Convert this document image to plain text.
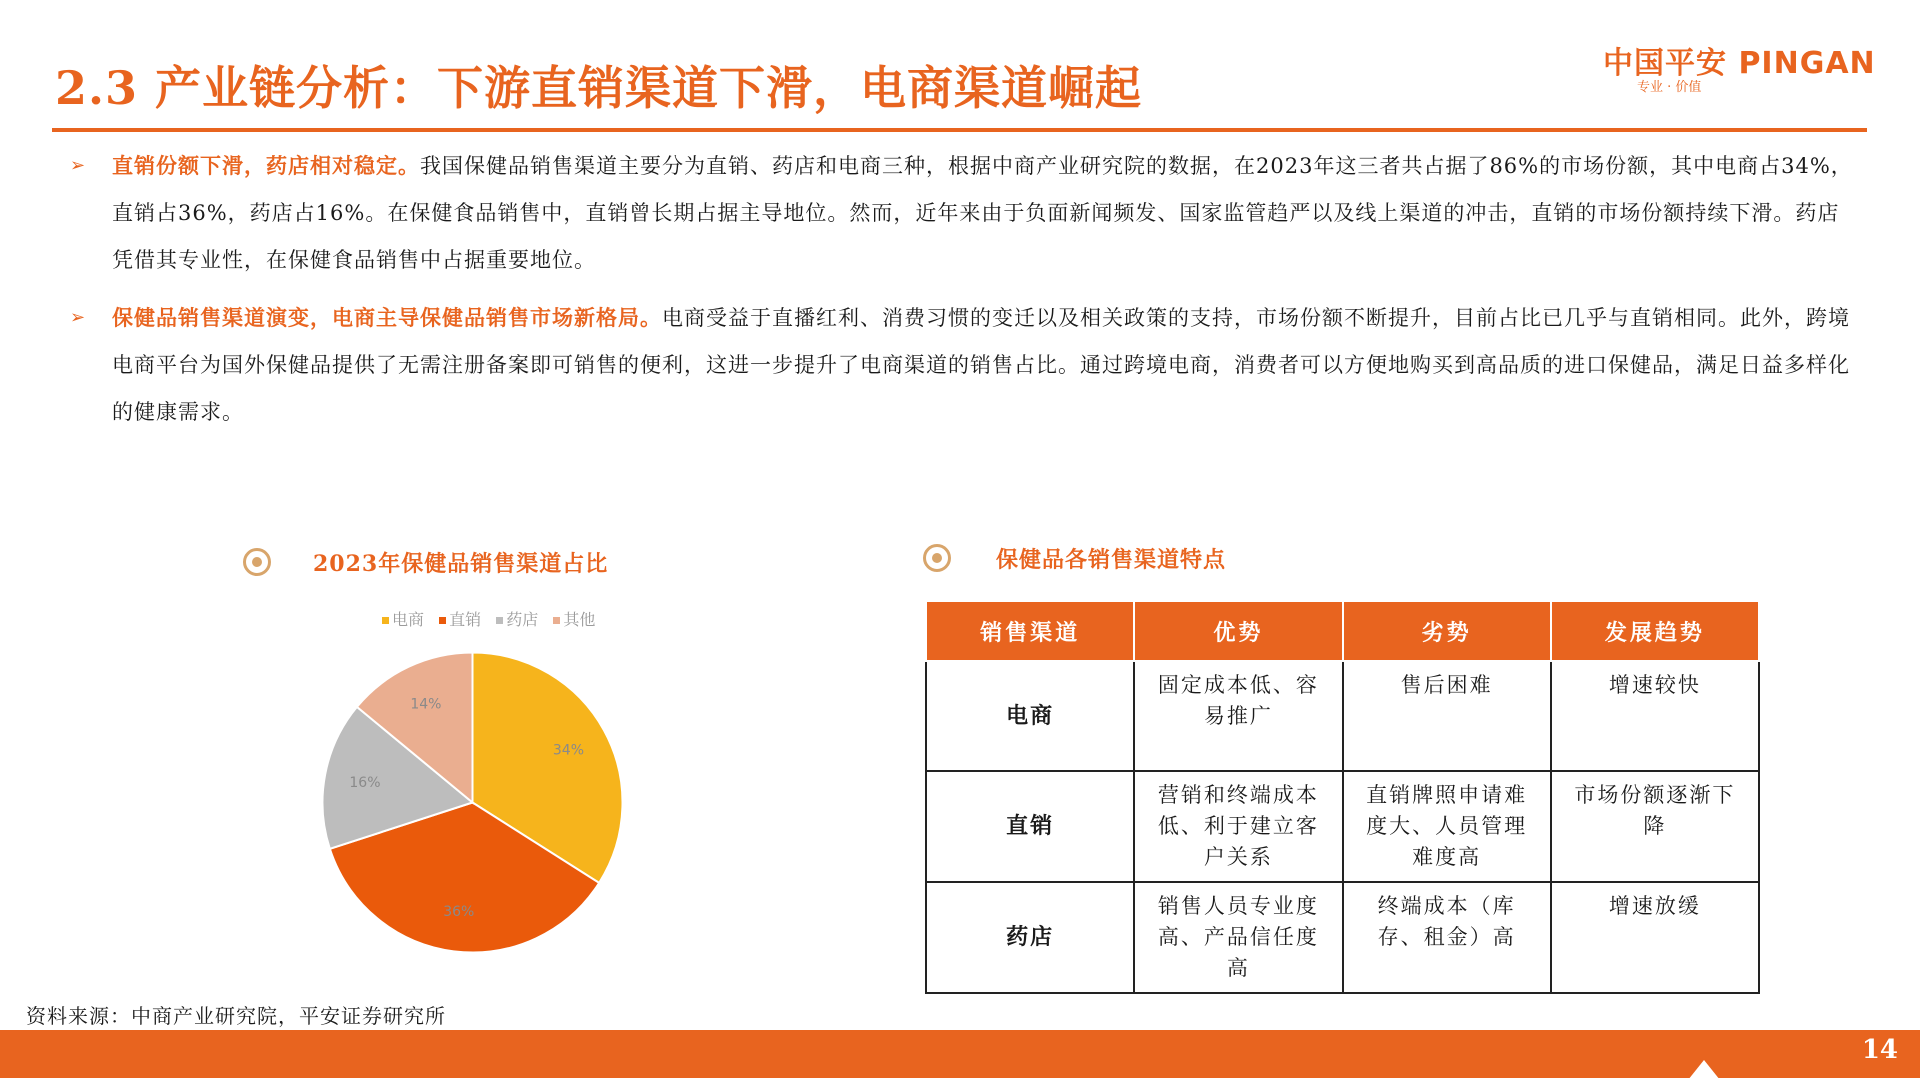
2.3 产业链分析：下游直销渠道下滑，电商渠道崛起	中国平安 PINGAN
专业 · 价值
➢ 直销份额下滑，药店相对稳定。我国保健品销售渠道主要分为直销、药店和电商三种，根据中商产业研究院的数据，在2023年这三者共占据了86%的市场份额，其中电商占34%，直销占36%，药店占16%。在保健食品销售中，直销曾长期占据主导地位。然而，近年来由于负面新闻频发、国家监管趋严以及线上渠道的冲击，直销的市场份额持续下滑。药店凭借其专业性，在保健食品销售中占据重要地位。
➢ 保健品销售渠道演变，电商主导保健品销售市场新格局。电商受益于直播红利、消费习惯的变迁以及相关政策的支持，市场份额不断提升，目前占比已几乎与直销相同。此外，跨境电商平台为国外保健品提供了无需注册备案即可销售的便利，这进一步提升了电商渠道的销售占比。通过跨境电商，消费者可以方便地购买到高品质的进口保健品，满足日益多样化的健康需求。
2023年保健品销售渠道占比	保健品各销售渠道特点
电商 直销 药店 其他
34%
36%
16%
14%
销售渠道	优势	劣势	发展趋势
电商	固定成本低、容易推广	售后困难	增速较快
直销	营销和终端成本低、利于建立客户关系	直销牌照申请难度大、人员管理难度高	市场份额逐渐下降
药店	销售人员专业度高、产品信任度高	终端成本（库存、租金）高	增速放缓
资料来源：中商产业研究院，平安证券研究所
14
